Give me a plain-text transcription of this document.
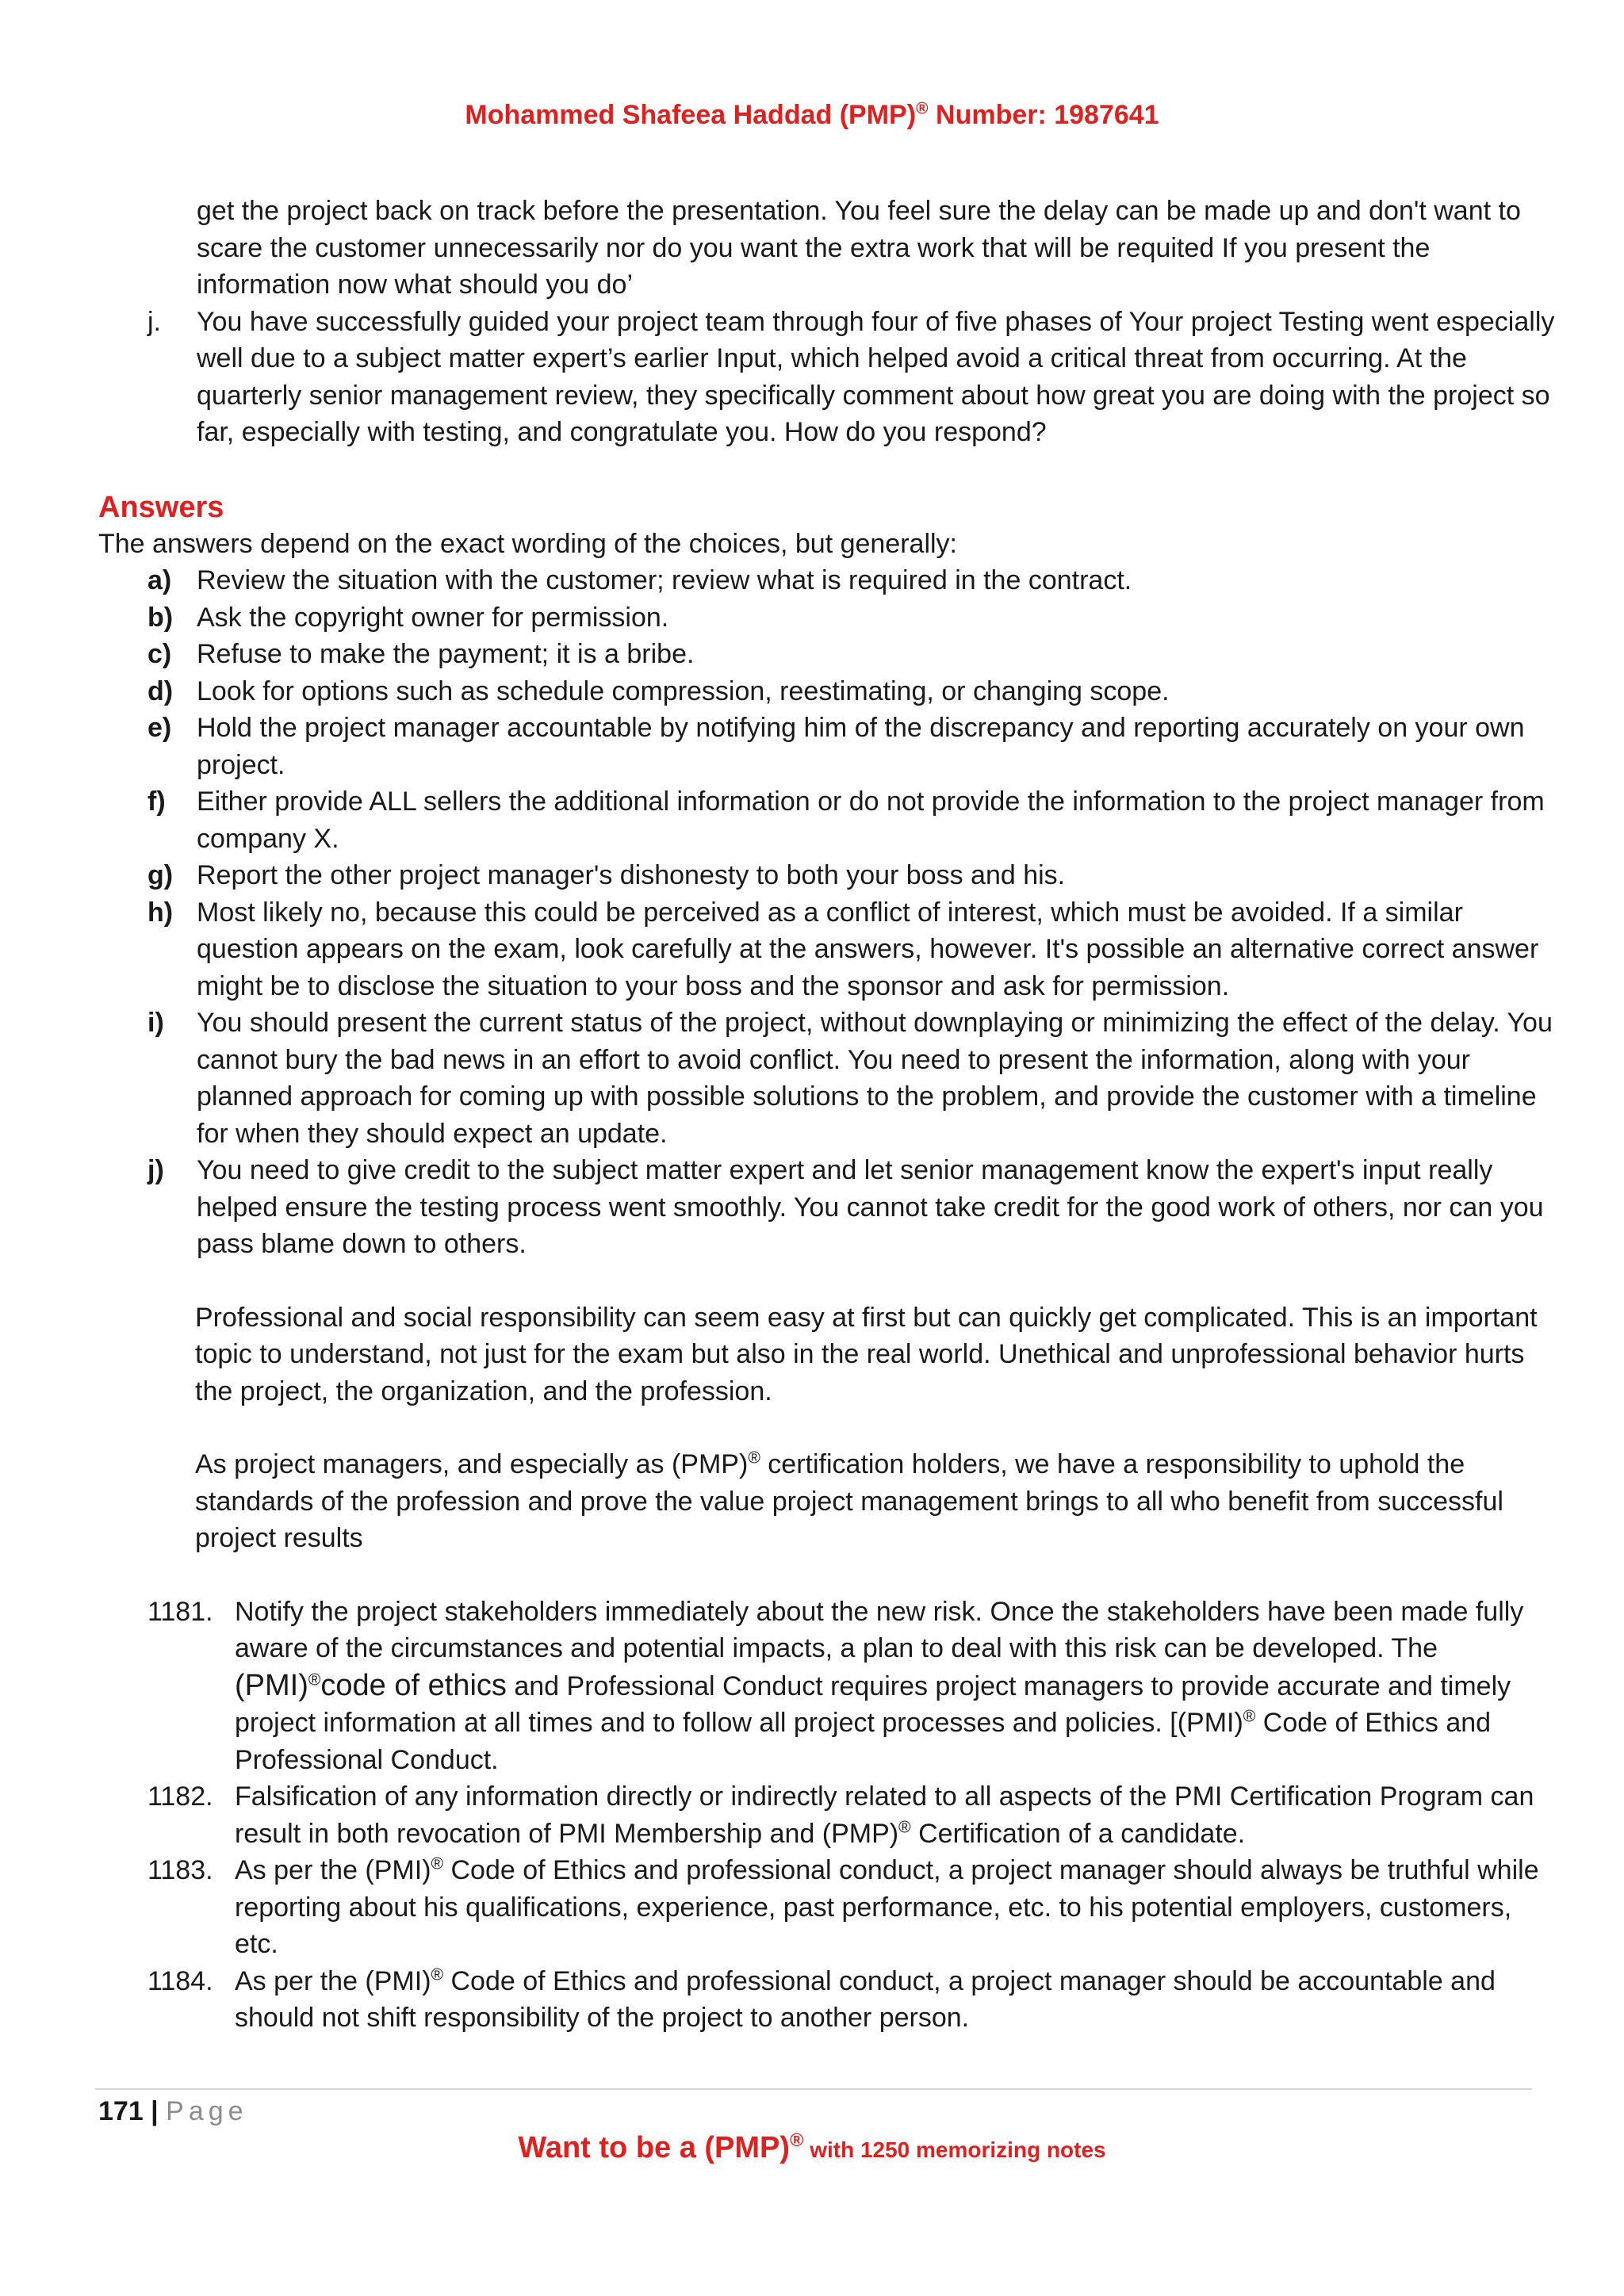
Mohammed Shafeea Haddad (PMP)® Number: 1987641
get the project back on track before the presentation. You feel sure the delay can be made up and don't want to scare the customer unnecessarily nor do you want the extra work that will be requited If you present the information now what should you do’
j.	You have successfully guided your project team through four of five phases of Your project Testing went especially well due to a subject matter expert’s earlier Input, which helped avoid a critical threat from occurring. At the quarterly senior management review, they specifically comment about how great you are doing with the project so far, especially with testing, and congratulate you. How do you respond?
Answers
The answers depend on the exact wording of the choices, but generally:
a) Review the situation with the customer; review what is required in the contract.
b) Ask the copyright owner for permission.
c) Refuse to make the payment; it is a bribe.
d) Look for options such as schedule compression, reestimating, or changing scope.
e) Hold the project manager accountable by notifying him of the discrepancy and reporting accurately on your own project.
f)	Either provide ALL sellers the additional information or do not provide the information to the project manager from company X.
g) Report the other project manager's dishonesty to both your boss and his.
h) Most likely no, because this could be perceived as a conflict of interest, which must be avoided. If a similar question appears on the exam, look carefully at the answers, however. It's possible an alternative correct answer might be to disclose the situation to your boss and the sponsor and ask for permission.
i)	You should present the current status of the project, without downplaying or minimizing the effect of the delay. You cannot bury the bad news in an effort to avoid conflict. You need to present the information, along with your planned approach for coming up with possible solutions to the problem, and provide the customer with a timeline for when they should expect an update.
j)	You need to give credit to the subject matter expert and let senior management know the expert's input really helped ensure the testing process went smoothly. You cannot take credit for the good work of others, nor can you pass blame down to others.
Professional and social responsibility can seem easy at first but can quickly get complicated. This is an important topic to understand, not just for the exam but also in the real world. Unethical and unprofessional behavior hurts the project, the organization, and the profession.
As project managers, and especially as (PMP)® certification holders, we have a responsibility to uphold the standards of the profession and prove the value project management brings to all who benefit from successful project results
1181. Notify the project stakeholders immediately about the new risk. Once the stakeholders have been made fully aware of the circumstances and potential impacts, a plan to deal with this risk can be developed. The (PMI)®code of ethics and Professional Conduct requires project managers to provide accurate and timely project information at all times and to follow all project processes and policies. [(PMI)® Code of Ethics and Professional Conduct.
1182. Falsification of any information directly or indirectly related to all aspects of the PMI Certification Program can result in both revocation of PMI Membership and (PMP)® Certification of a candidate.
1183. As per the (PMI)® Code of Ethics and professional conduct, a project manager should always be truthful while reporting about his qualifications, experience, past performance, etc. to his potential employers, customers, etc.
1184. As per the (PMI)® Code of Ethics and professional conduct, a project manager should be accountable and should not shift responsibility of the project to another person.
171 | Page
Want to be a (PMP)® with 1250 memorizing notes
